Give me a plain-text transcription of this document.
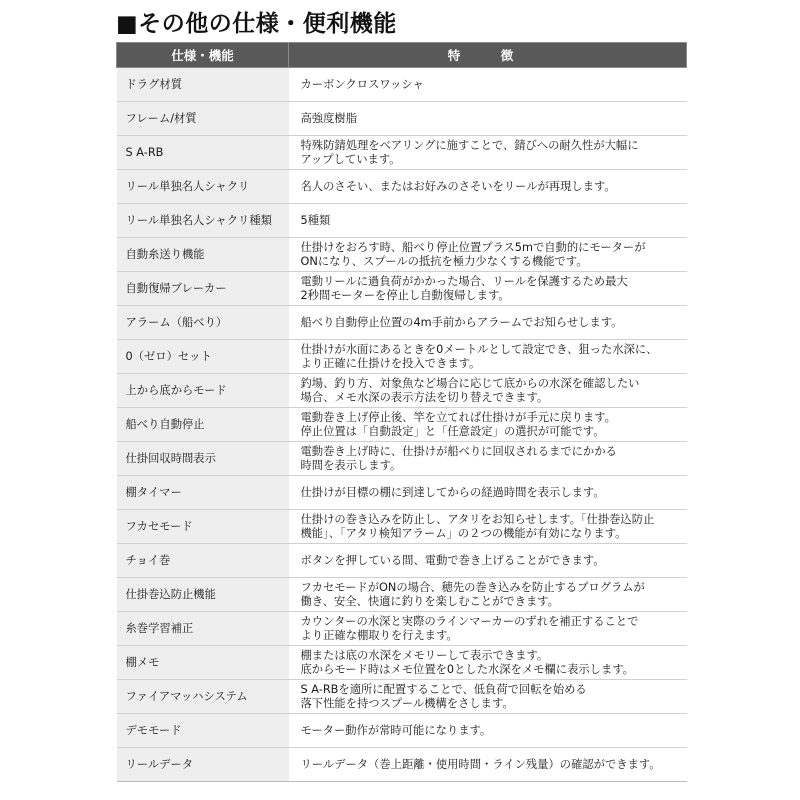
■その他の仕様・便利機能
仕様・機能	特　徴
ドラグ材質	カーボンクロスワッシャ
フレーム/材質	高強度樹脂
S A-RB	特殊防錆処理をベアリングに施すことで、錆びへの耐久性が大幅に
アップしています。
リール単独名人シャクリ	名人のさそい、またはお好みのさそいをリールが再現します。
リール単独名人シャクリ種類	5種類
自動糸送り機能	仕掛けをおろす時、船べり停止位置プラス5mで自動的にモーターが
ONになり、スプールの抵抗を極力少なくする機能です。
自動復帰ブレーカー	電動リールに過負荷がかかった場合、リールを保護するため最大
2秒間モーターを停止し自動復帰します。
アラーム（船べり）	船べり自動停止位置の4m手前からアラームでお知らせします。
0（ゼロ）セット	仕掛けが水面にあるときを0メートルとして設定でき、狙った水深に、
より正確に仕掛けを投入できます。
上から底からモード	釣場、釣り方、対象魚など場合に応じて底からの水深を確認したい
場合、メモ水深の表示方法を切り替えできます。
船べり自動停止	電動巻き上げ停止後、竿を立てれば仕掛けが手元に戻ります。
停止位置は「自動設定」と「任意設定」の選択が可能です。
仕掛回収時間表示	電動巻き上げ時に、仕掛けが船べりに回収されるまでにかかる
時間を表示します。
棚タイマー	仕掛けが目標の棚に到達してからの経過時間を表示します。
フカセモード	仕掛けの巻き込みを防止し、アタリをお知らせします。「仕掛巻込防止
機能」、「アタリ検知アラーム」の２つの機能が有効になります。
チョイ巻	ボタンを押している間、電動で巻き上げることができます。
仕掛巻込防止機能	フカセモードがONの場合、穂先の巻き込みを防止するプログラムが
働き、安全、快適に釣りを楽しむことができます。
糸巻学習補正	カウンターの水深と実際のラインマーカーのずれを補正することで
より正確な棚取りを行えます。
棚メモ	棚または底の水深をメモリーして表示できます。
底からモード時はメモ位置を0とした水深をメモ欄に表示します。
ファイアマッハシステム	S A-RBを適所に配置することで、低負荷で回転を始める
落下性能を持つスプール機構をさします。
デモモード	モーター動作が常時可能になります。
リールデータ	リールデータ（巻上距離・使用時間・ライン残量）の確認ができます。
